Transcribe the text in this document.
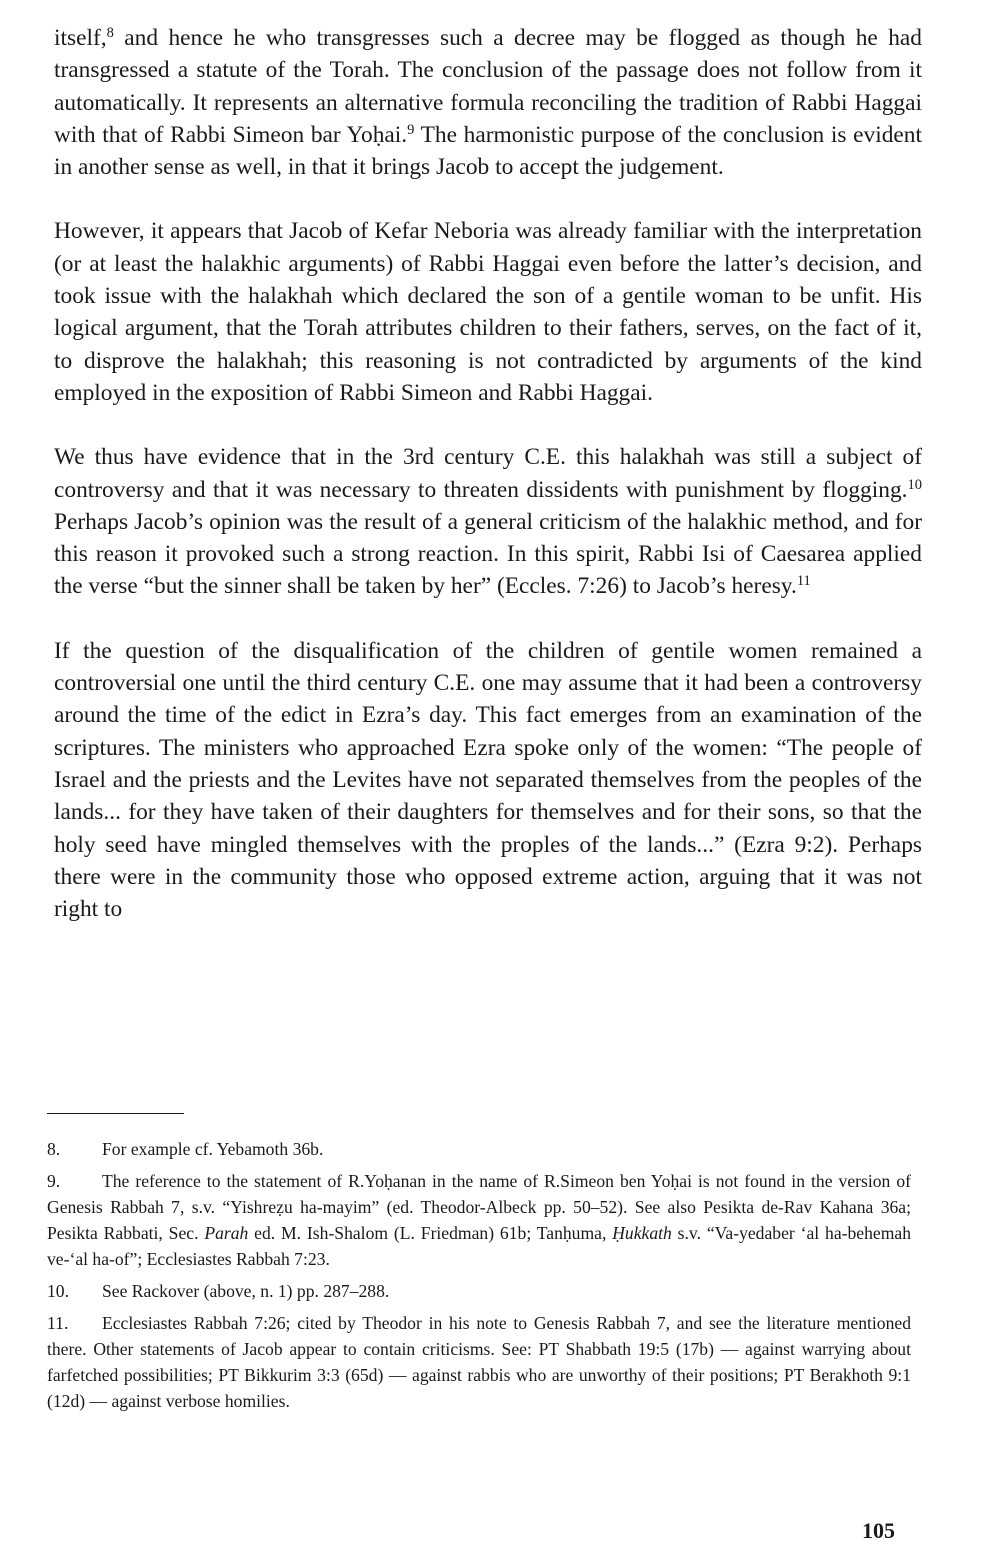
itself,$^8$ and hence he who transgresses such a decree may be flogged as though he had transgressed a statute of the Torah. The conclusion of the passage does not follow from it automatically. It represents an alternative formula reconciling the tradition of Rabbi Haggai with that of Rabbi Simeon bar Yoḥai.$^9$ The harmonistic purpose of the conclusion is evident in another sense as well, in that it brings Jacob to accept the judgement.

However, it appears that Jacob of Kefar Neboria was already familiar with the interpretation (or at least the halakhic arguments) of Rabbi Haggai even before the latter’s decision, and took issue with the halakhah which declared the son of a gentile woman to be unfit. His logical argument, that the Torah attributes children to their fathers, serves, on the fact of it, to disprove the halakhah; this reasoning is not contradicted by arguments of the kind employed in the exposition of Rabbi Simeon and Rabbi Haggai.

We thus have evidence that in the 3rd century C.E. this halakhah was still a subject of controversy and that it was necessary to threaten dissidents with punishment by flogging.$^{10}$ Perhaps Jacob’s opinion was the result of a general criticism of the halakhic method, and for this reason it provoked such a strong reaction. In this spirit, Rabbi Isi of Caesarea applied the verse “but the sinner shall be taken by her” (Eccles. 7:26) to Jacob’s heresy.$^{11}$

If the question of the disqualification of the children of gentile women remained a controversial one until the third century C.E. one may assume that it had been a controversy around the time of the edict in Ezra’s day. This fact emerges from an examination of the scriptures. The ministers who approached Ezra spoke only of the women: “The people of Israel and the priests and the Levites have not separated themselves from the peoples of the lands... for they have taken of their daughters for themselves and for their sons, so that the holy seed have mingled themselves with the proples of the lands...” (Ezra 9:2). Perhaps there were in the community those who opposed extreme action, arguing that it was not right to

8. For example cf. Yebamoth 36b.
9. The reference to the statement of R.Yoḥanan in the name of R.Simeon ben Yoḥai is not found in the version of Genesis Rabbah 7, s.v. “Yishreẓu ha-mayim” (ed. Theodor-Albeck pp. 50–52). See also Pesikta de-Rav Kahana 36a; Pesikta Rabbati, Sec. Parah ed. M. Ish-Shalom (L. Friedman) 61b; Tanḥuma, Ḥukkath s.v. “Va-yedaber ‘al ha-behemah ve-‘al ha-of”; Ecclesiastes Rabbah 7:23.
10. See Rackover (above, n. 1) pp. 287–288.
11. Ecclesiastes Rabbah 7:26; cited by Theodor in his note to Genesis Rabbah 7, and see the literature mentioned there. Other statements of Jacob appear to contain criticisms. See: PT Shabbath 19:5 (17b) — against warrying about farfetched possibilities; PT Bikkurim 3:3 (65d) — against rabbis who are unworthy of their positions; PT Berakhoth 9:1 (12d) — against verbose homilies.
105
